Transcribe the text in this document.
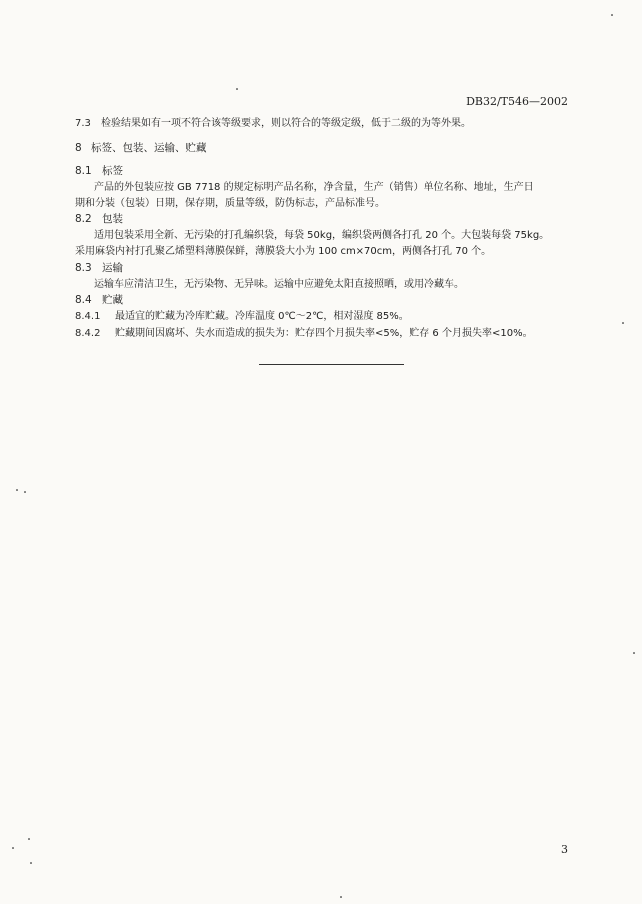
DB32/T546—2002
7.3 检验结果如有一项不符合该等级要求，则以符合的等级定级，低于二级的为等外果。
8 标签、包装、运输、贮藏
8.1 标签
产品的外包装应按 GB 7718 的规定标明产品名称，净含量，生产（销售）单位名称、地址，生产日
期和分装（包装）日期，保存期，质量等级，防伪标志，产品标准号。
8.2 包装
适用包装采用全新、无污染的打孔编织袋，每袋 50kg，编织袋两侧各打孔 20 个。大包装每袋 75kg。
采用麻袋内衬打孔聚乙烯塑料薄膜保鲜，薄膜袋大小为 100 cm×70cm，两侧各打孔 70 个。
8.3 运输
运输车应清洁卫生，无污染物、无异味。运输中应避免太阳直接照晒，或用冷藏车。
8.4 贮藏
8.4.1 最适宜的贮藏为冷库贮藏。冷库温度 0℃～2℃，相对湿度 85%。
8.4.2 贮藏期间因腐坏、失水而造成的损失为：贮存四个月损失率<5%，贮存 6 个月损失率<10%。
3
